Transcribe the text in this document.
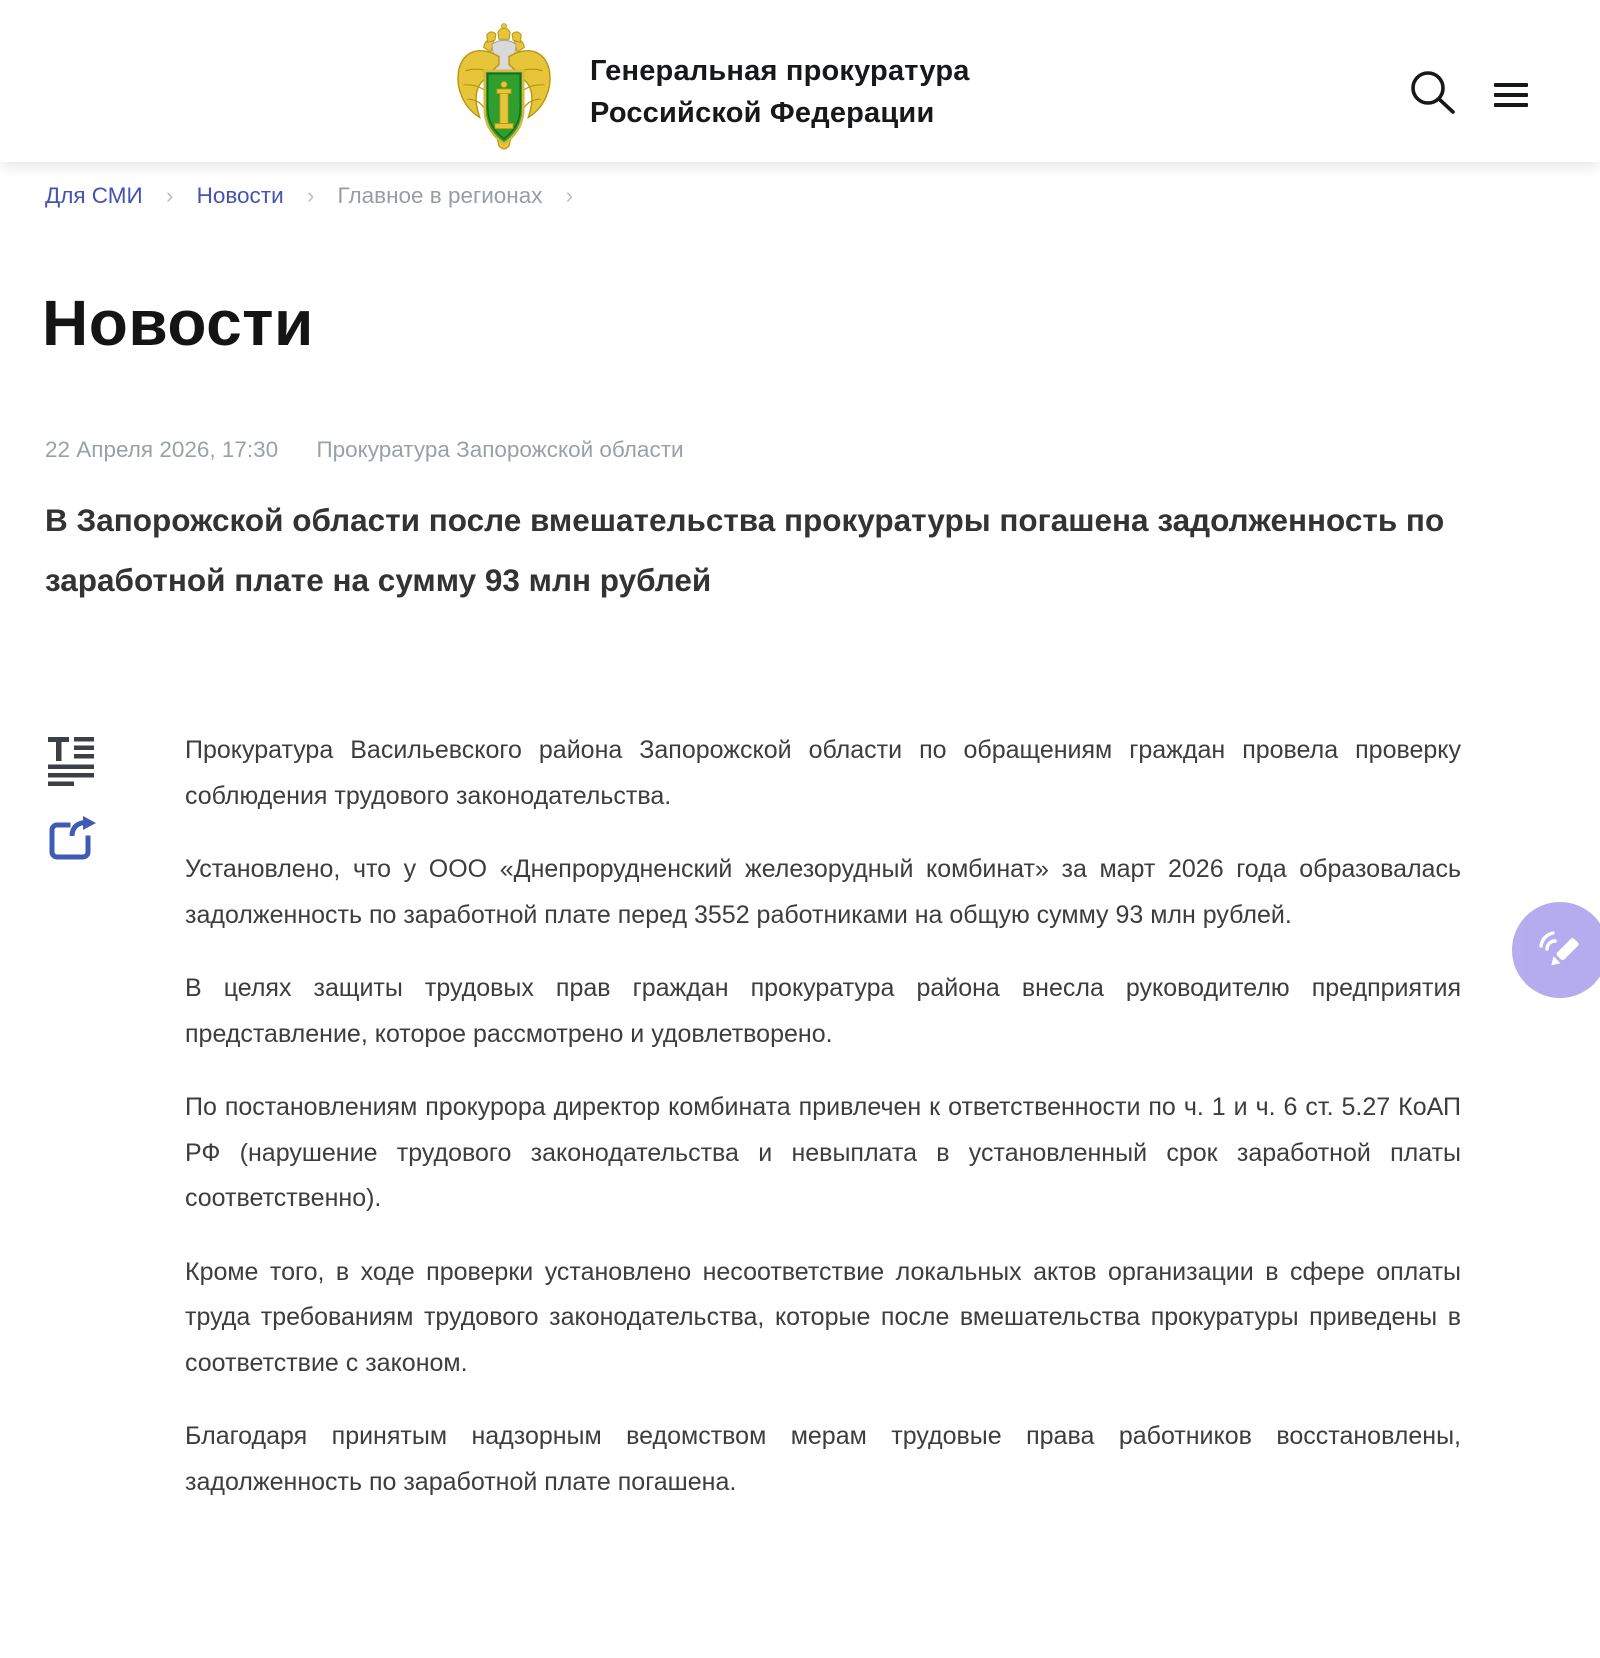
Генеральная прокуратура
Российской Федерации
Для СМИ › Новости › Главное в регионах ›
Новости
22 Апреля 2026, 17:30 Прокуратура Запорожской области
В Запорожской области после вмешательства прокуратуры погашена задолженность по заработной плате на сумму 93 млн рублей

Прокуратура Васильевского района Запорожской области по обращениям граждан провела проверку соблюдения трудового законодательства.

Установлено, что у ООО «Днепрорудненский железорудный комбинат» за март 2026 года образовалась задолженность по заработной плате перед 3552 работниками на общую сумму 93 млн рублей.

В целях защиты трудовых прав граждан прокуратура района внесла руководителю предприятия представление, которое рассмотрено и удовлетворено.

По постановлениям прокурора директор комбината привлечен к ответственности по ч. 1 и ч. 6 ст. 5.27 КоАП РФ (нарушение трудового законодательства и невыплата в установленный срок заработной платы соответственно).

Кроме того, в ходе проверки установлено несоответствие локальных актов организации в сфере оплаты труда требованиям трудового законодательства, которые после вмешательства прокуратуры приведены в соответствие с законом.

Благодаря принятым надзорным ведомством мерам трудовые права работников восстановлены, задолженность по заработной плате погашена.
